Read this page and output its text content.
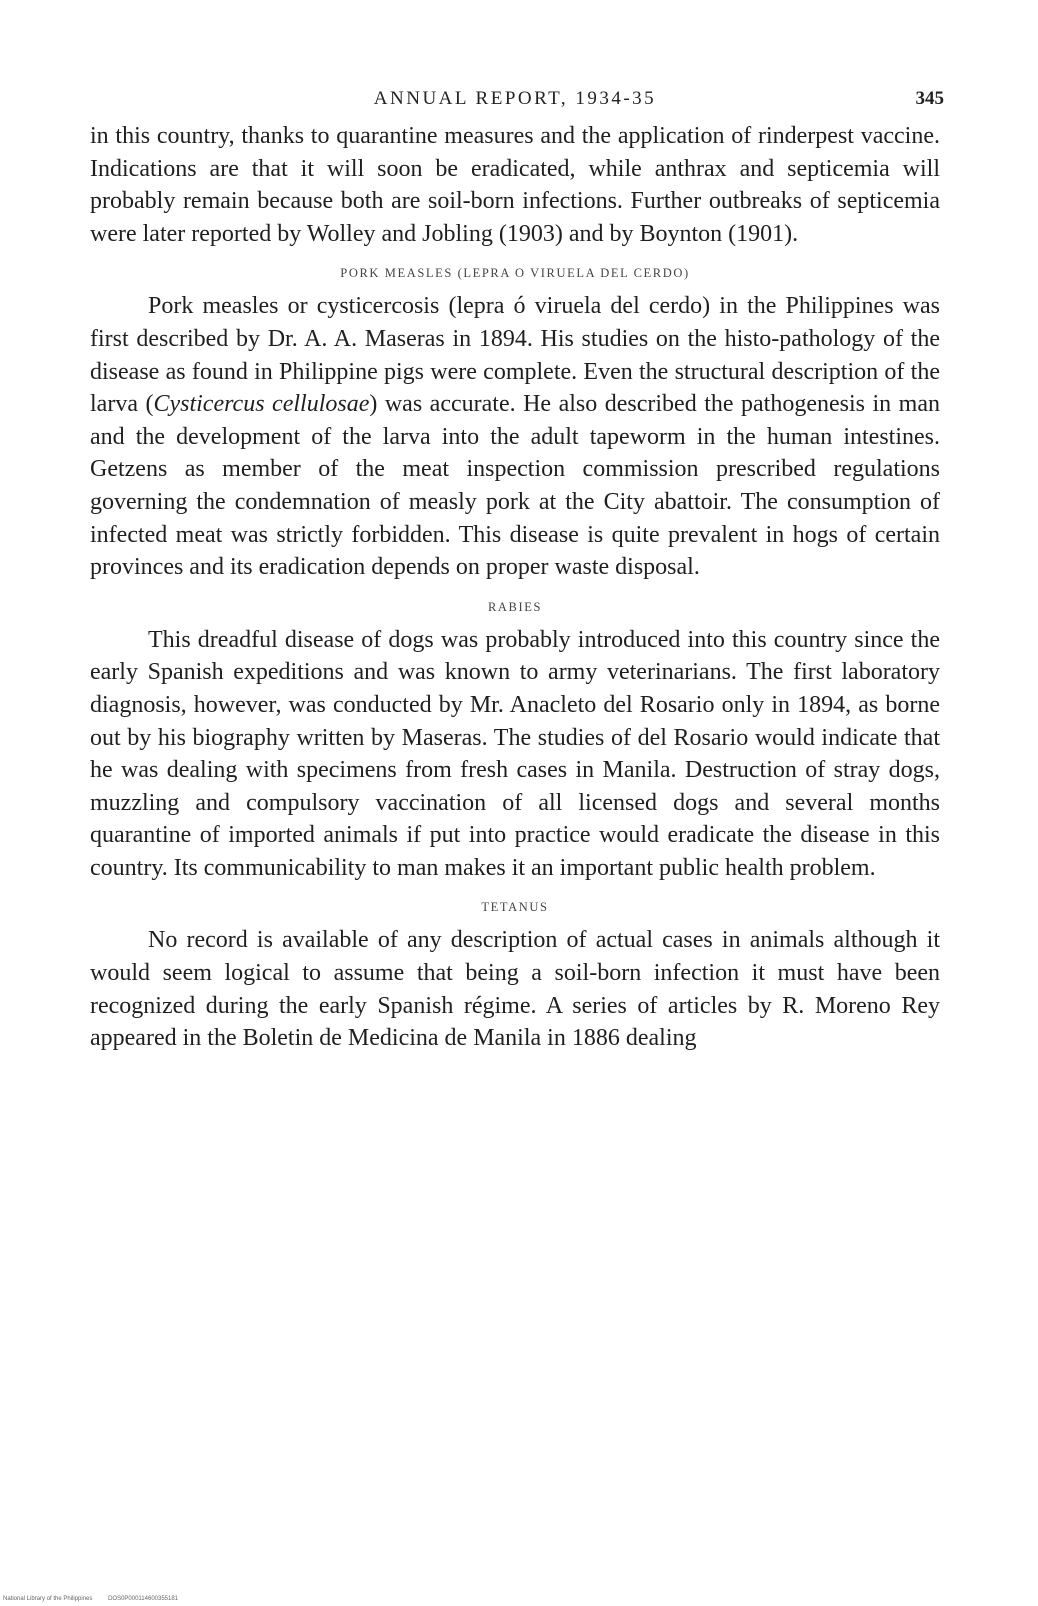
ANNUAL REPORT, 1934-35	345

in this country, thanks to quarantine measures and the application of rinderpest vaccine. Indications are that it will soon be eradicated, while anthrax and septicemia will probably remain because both are soil-born infections. Further outbreaks of septicemia were later reported by Wolley and Jobling (1903) and by Boynton (1901).

PORK MEASLES (LEPRA O VIRUELA DEL CERDO)

Pork measles or cysticercosis (lepra ó viruela del cerdo) in the Philippines was first described by Dr. A. A. Maseras in 1894. His studies on the histo-pathology of the disease as found in Philippine pigs were complete. Even the structural description of the larva (Cysticercus cellulosae) was accurate. He also described the pathogenesis in man and the development of the larva into the adult tapeworm in the human intestines. Getzens as member of the meat inspection commission prescribed regulations governing the condemnation of measly pork at the City abattoir. The consumption of infected meat was strictly forbidden. This disease is quite prevalent in hogs of certain provinces and its eradication depends on proper waste disposal.

RABIES

This dreadful disease of dogs was probably introduced into this country since the early Spanish expeditions and was known to army veterinarians. The first laboratory diagnosis, however, was conducted by Mr. Anacleto del Rosario only in 1894, as borne out by his biography written by Maseras. The studies of del Rosario would indicate that he was dealing with specimens from fresh cases in Manila. Destruction of stray dogs, muzzling and compulsory vaccination of all licensed dogs and several months quarantine of imported animals if put into practice would eradicate the disease in this country. Its communicability to man makes it an important public health problem.

TETANUS

No record is available of any description of actual cases in animals although it would seem logical to assume that being a soil-born infection it must have been recognized during the early Spanish régime. A series of articles by R. Moreno Rey appeared in the Boletin de Medicina de Manila in 1886 dealing

National Library of the Philippines	DOS0P000114600355181
